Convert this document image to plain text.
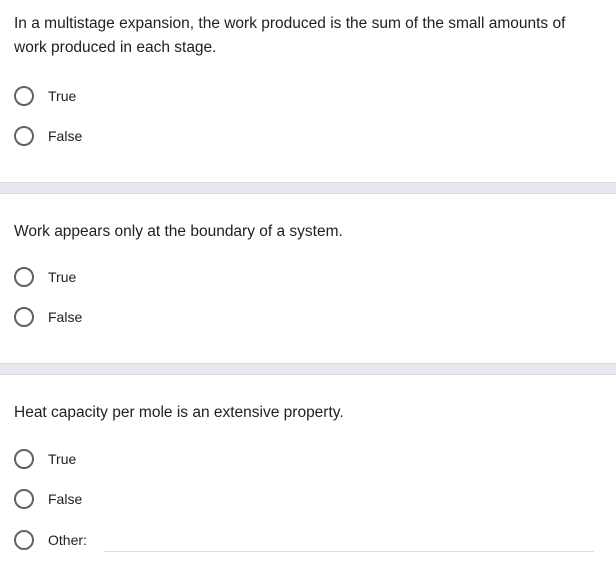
In a multistage expansion, the work produced is the sum of the small amounts of work produced in each stage.
True
False
Work appears only at the boundary of a system.
True
False
Heat capacity per mole is an extensive property.
True
False
Other:
